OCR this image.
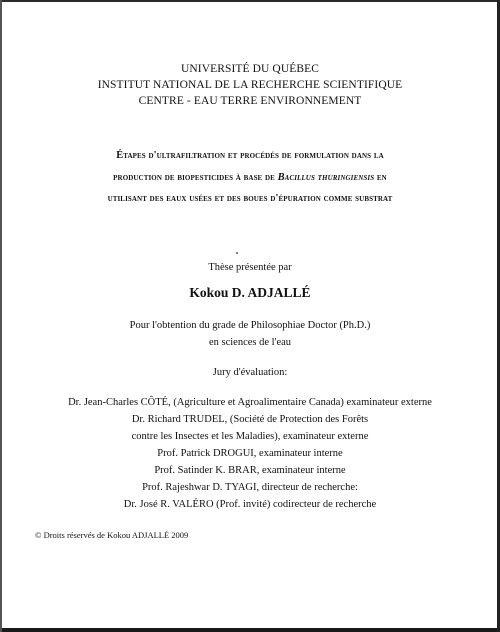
UNIVERSITÉ DU QUÉBEC
INSTITUT NATIONAL DE LA RECHERCHE SCIENTIFIQUE
CENTRE - EAU TERRE ENVIRONNEMENT
Étapes d'ultrafiltration et procédés de formulation dans la
production de biopesticides à base de Bacillus thuringiensis en
utilisant des eaux usées et des boues d'épuration comme substrat
Thèse présentée par
Kokou D. ADJALLÉ
Pour l'obtention du grade de Philosophiae Doctor (Ph.D.)
en sciences de l'eau
Jury d'évaluation:
Dr. Jean-Charles CÔTÉ, (Agriculture et Agroalimentaire Canada) examinateur externe
Dr. Richard TRUDEL, (Société de Protection des Forêts
contre les Insectes et les Maladies), examinateur externe
Prof. Patrick DROGUI, examinateur interne
Prof. Satinder K. BRAR, examinateur interne
Prof. Rajeshwar D. TYAGI, directeur de recherche:
Dr. José R. VALÉRO (Prof. invité) codirecteur de recherche
© Droits réservés de Kokou ADJALLÉ 2009
